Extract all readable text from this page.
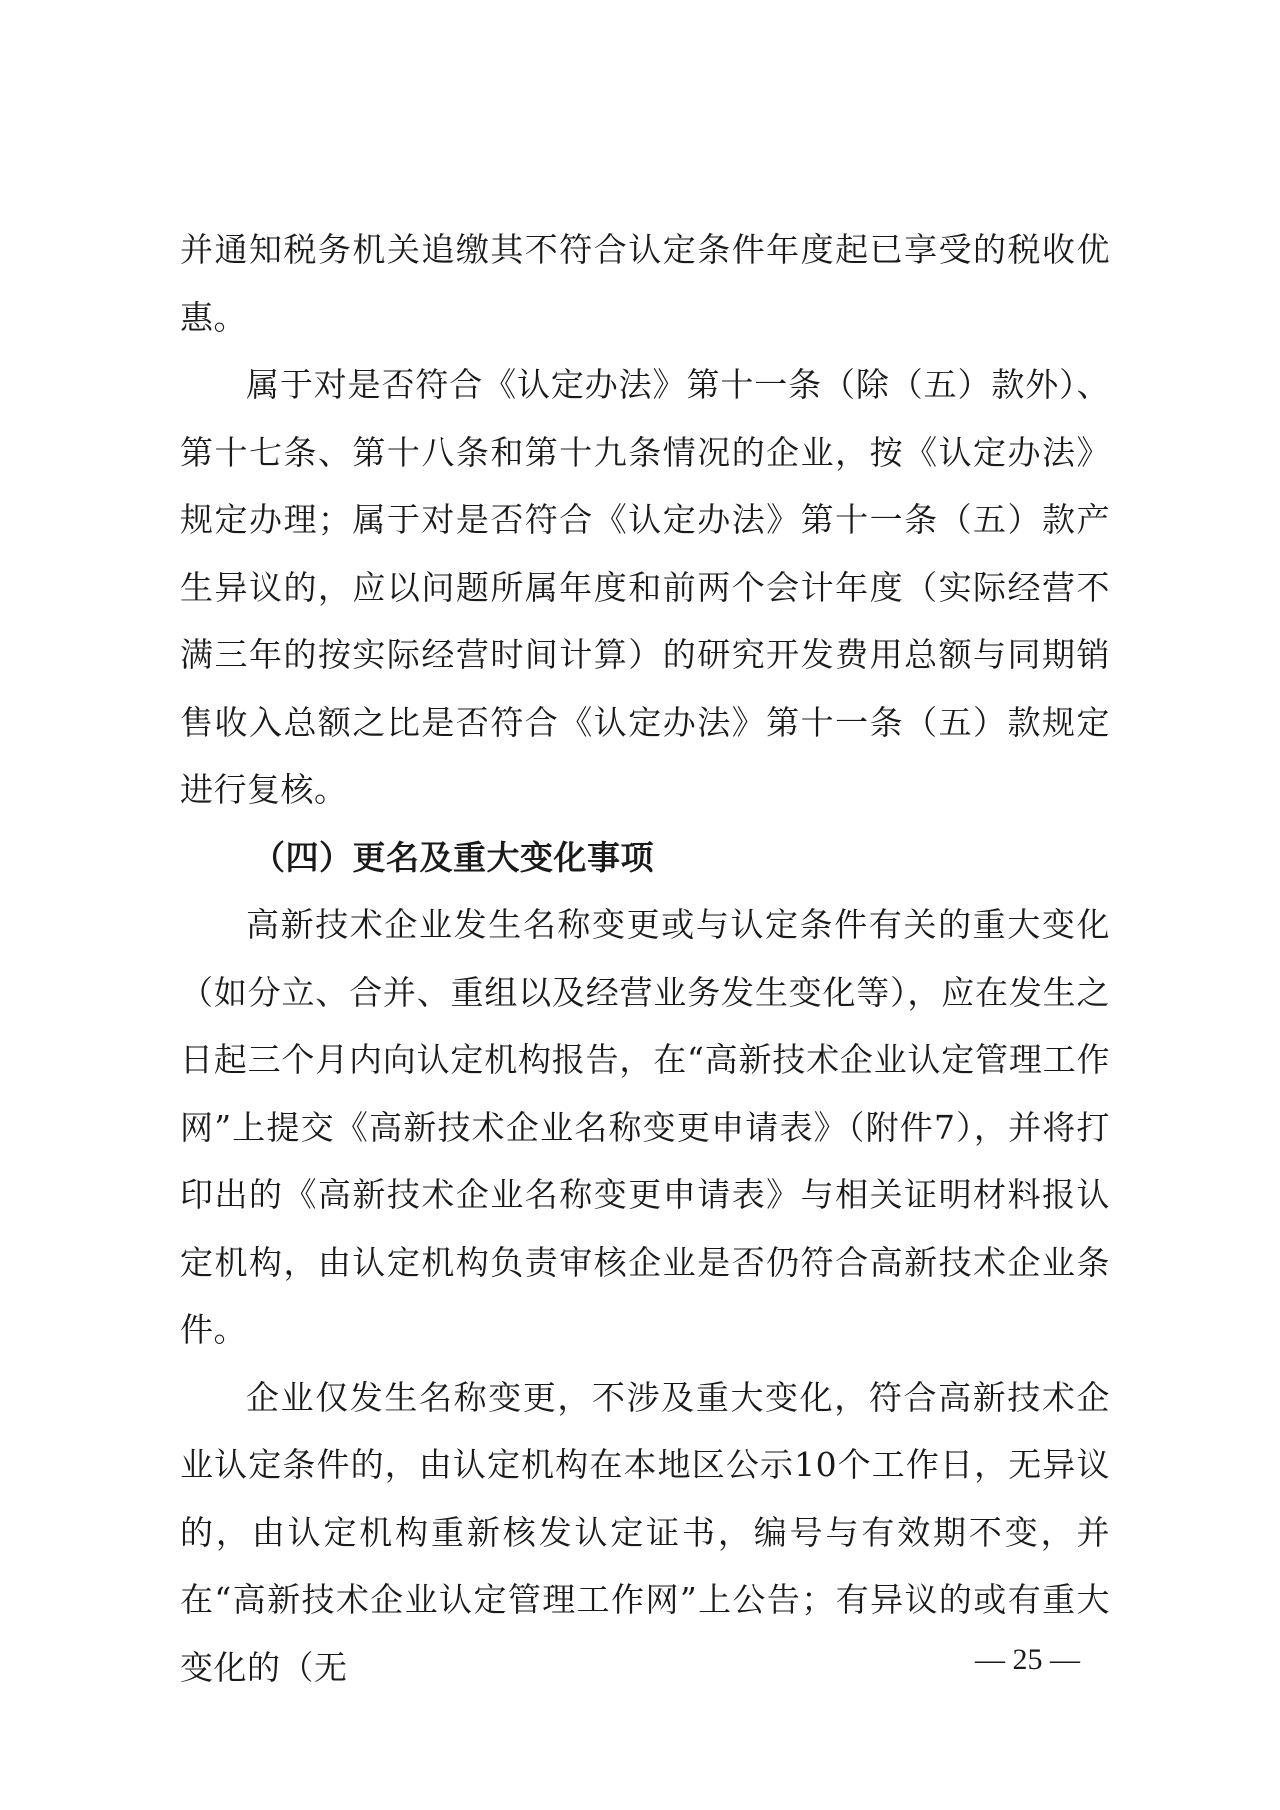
并通知税务机关追缴其不符合认定条件年度起已享受的税收优惠。

属于对是否符合《认定办法》第十一条（除（五）款外）、第十七条、第十八条和第十九条情况的企业，按《认定办法》规定办理；属于对是否符合《认定办法》第十一条（五）款产生异议的，应以问题所属年度和前两个会计年度（实际经营不满三年的按实际经营时间计算）的研究开发费用总额与同期销售收入总额之比是否符合《认定办法》第十一条（五）款规定进行复核。

（四）更名及重大变化事项

高新技术企业发生名称变更或与认定条件有关的重大变化（如分立、合并、重组以及经营业务发生变化等），应在发生之日起三个月内向认定机构报告，在“高新技术企业认定管理工作网”上提交《高新技术企业名称变更申请表》（附件7），并将打印出的《高新技术企业名称变更申请表》与相关证明材料报认定机构，由认定机构负责审核企业是否仍符合高新技术企业条件。

企业仅发生名称变更，不涉及重大变化，符合高新技术企业认定条件的，由认定机构在本地区公示10个工作日，无异议的，由认定机构重新核发认定证书，编号与有效期不变，并在“高新技术企业认定管理工作网”上公告；有异议的或有重大变化的（无	— 25 —
